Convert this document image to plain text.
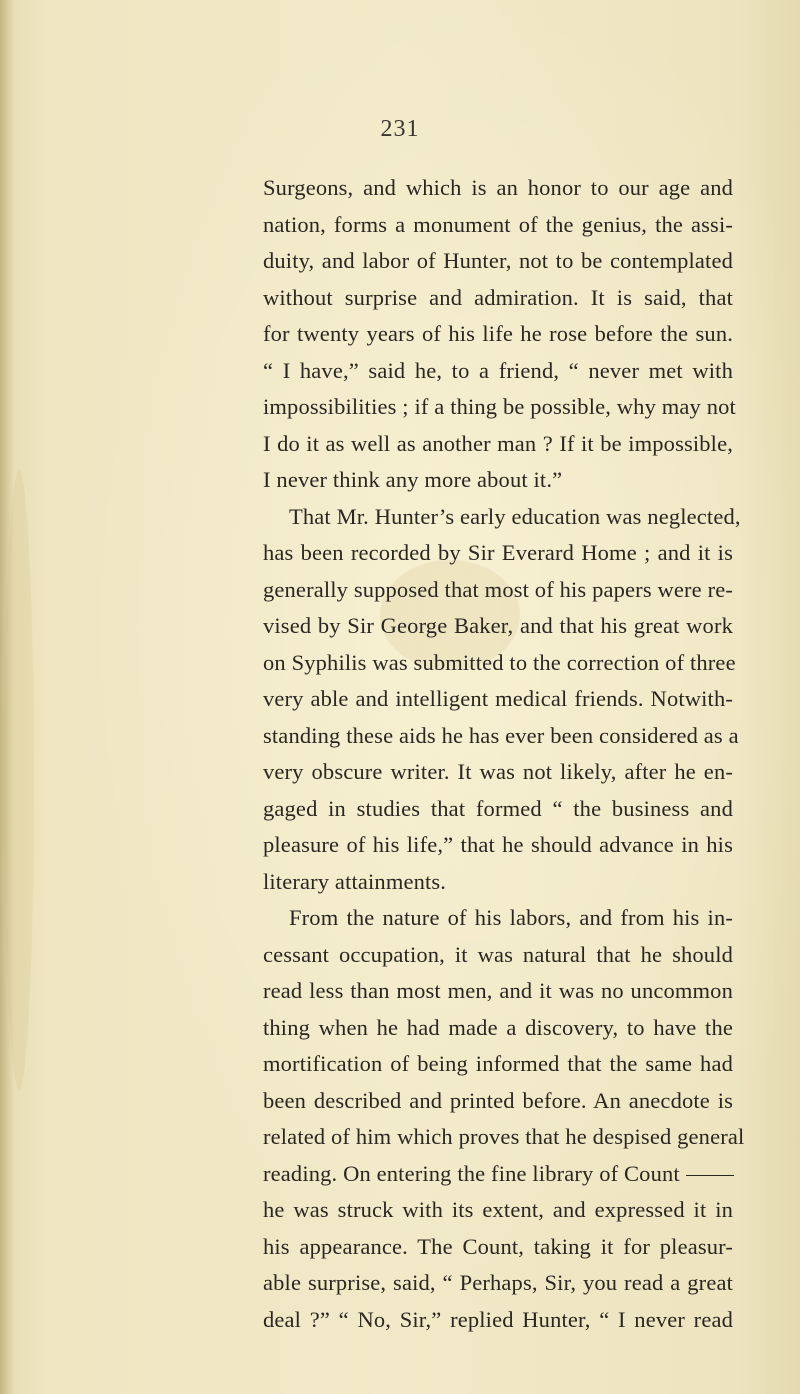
231
Surgeons, and which is an honor to our age and
nation, forms a monument of the genius, the assi-
duity, and labor of Hunter, not to be contemplated
without surprise and admiration. It is said, that
for twenty years of his life he rose before the sun.
“ I have,” said he, to a friend, “ never met with
impossibilities ; if a thing be possible, why may not
I do it as well as another man ? If it be impossible,
I never think any more about it.”
That Mr. Hunter’s early education was neglected,
has been recorded by Sir Everard Home ; and it is
generally supposed that most of his papers were re-
vised by Sir George Baker, and that his great work
on Syphilis was submitted to the correction of three
very able and intelligent medical friends. Notwith-
standing these aids he has ever been considered as a
very obscure writer. It was not likely, after he en-
gaged in studies that formed “ the business and
pleasure of his life,” that he should advance in his
literary attainments.
From the nature of his labors, and from his in-
cessant occupation, it was natural that he should
read less than most men, and it was no uncommon
thing when he had made a discovery, to have the
mortification of being informed that the same had
been described and printed before. An anecdote is
related of him which proves that he despised general
reading. On entering the fine library of Count
he was struck with its extent, and expressed it in
his appearance. The Count, taking it for pleasur-
able surprise, said, “ Perhaps, Sir, you read a great
deal ?” “ No, Sir,” replied Hunter, “ I never read
